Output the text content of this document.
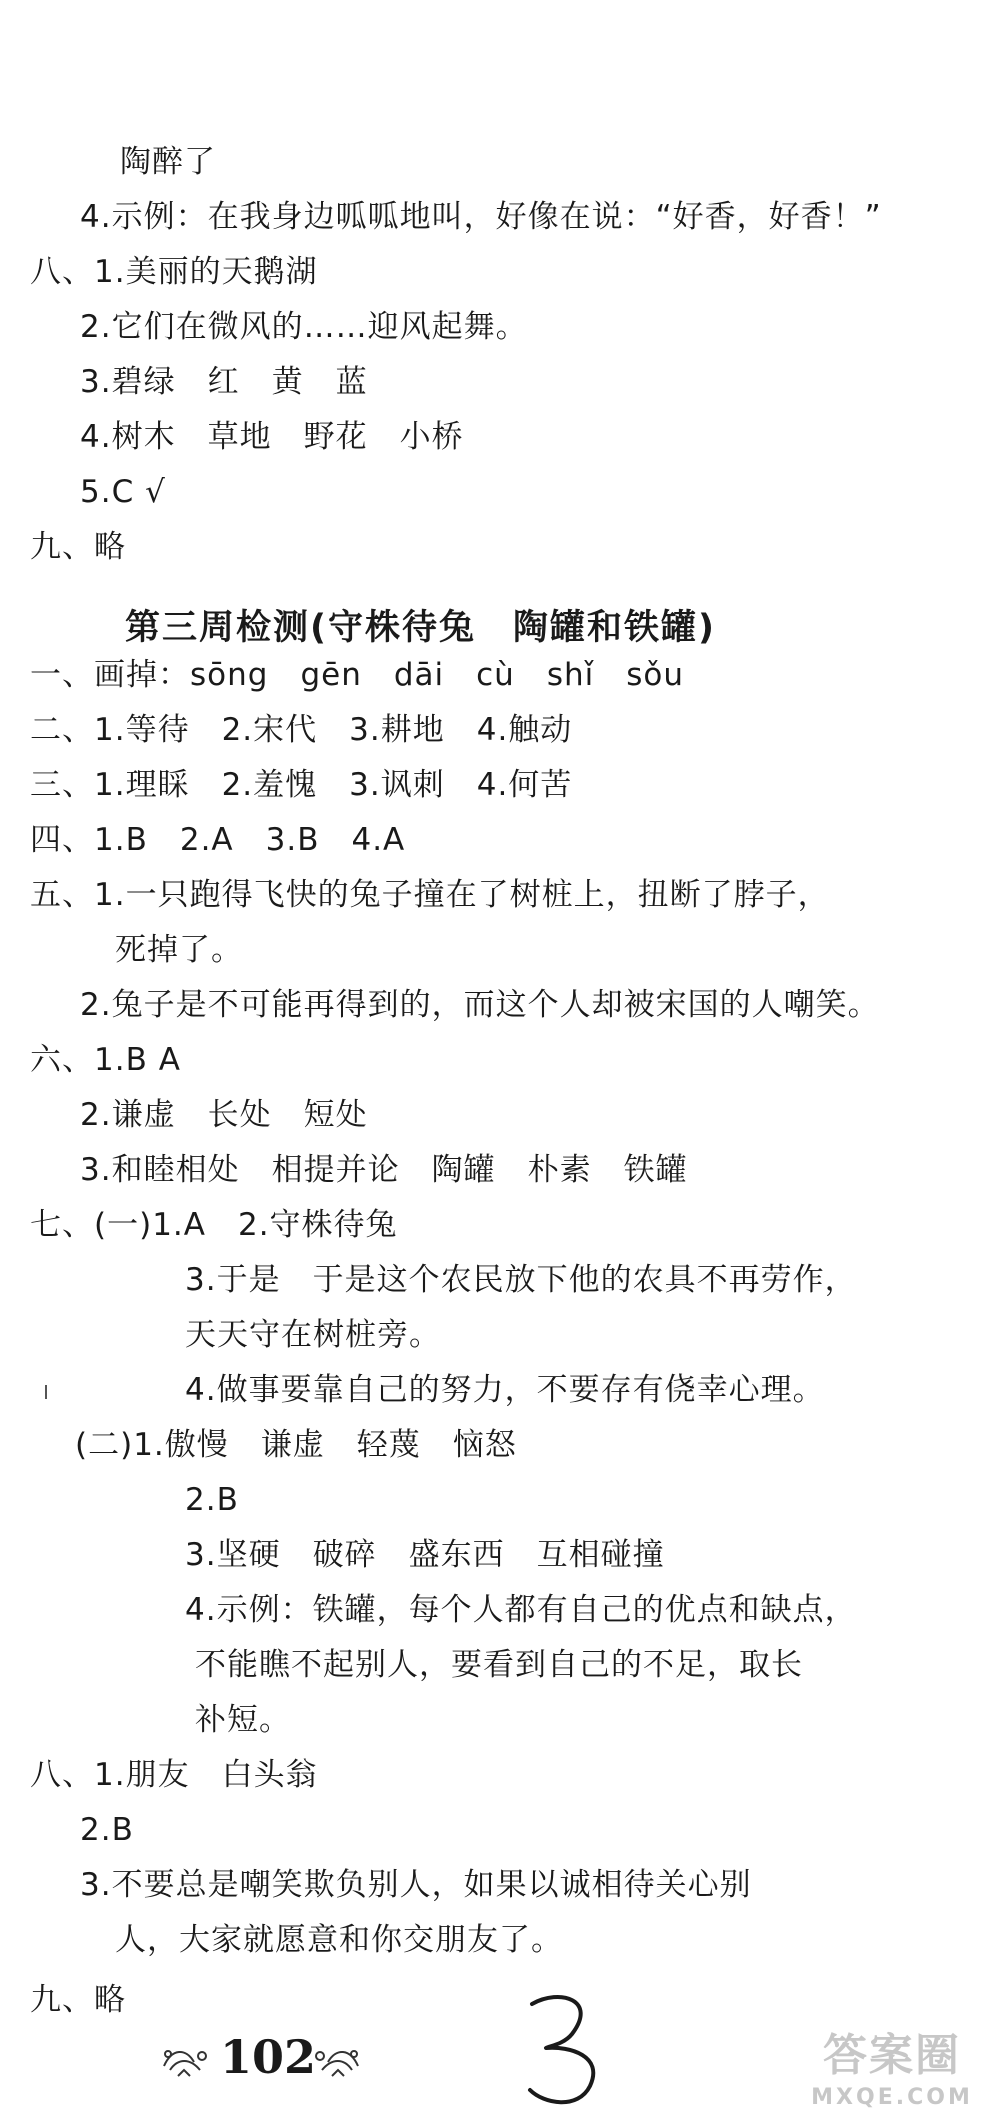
陶醉了
4.示例：在我身边呱呱地叫，好像在说：“好香，好香！”
八、1.美丽的天鹅湖
2.它们在微风的……迎风起舞。
3.碧绿　红　黄　蓝
4.树木　草地　野花　小桥
5.C √
九、略
第三周检测(守株待兔　陶罐和铁罐)
一、画掉：sōng　gēn　dāi　cù　shǐ　sǒu
二、1.等待　2.宋代　3.耕地　4.触动
三、1.理睬　2.羞愧　3.讽刺　4.何苦
四、1.B　2.A　3.B　4.A
五、1.一只跑得飞快的兔子撞在了树桩上，扭断了脖子，
死掉了。
2.兔子是不可能再得到的，而这个人却被宋国的人嘲笑。
六、1.B A
2.谦虚　长处　短处
3.和睦相处　相提并论　陶罐　朴素　铁罐
七、(一)1.A　2.守株待兔
3.于是　于是这个农民放下他的农具不再劳作，
天天守在树桩旁。
4.做事要靠自己的努力，不要存有侥幸心理。
(二)1.傲慢　谦虚　轻蔑　恼怒
2.B
3.坚硬　破碎　盛东西　互相碰撞
4.示例：铁罐，每个人都有自己的优点和缺点，
不能瞧不起别人，要看到自己的不足，取长
补短。
八、1.朋友　白头翁
2.B
3.不要总是嘲笑欺负别人，如果以诚相待关心别
人，大家就愿意和你交朋友了。
九、略
102	答案圈
MXQE.COM
